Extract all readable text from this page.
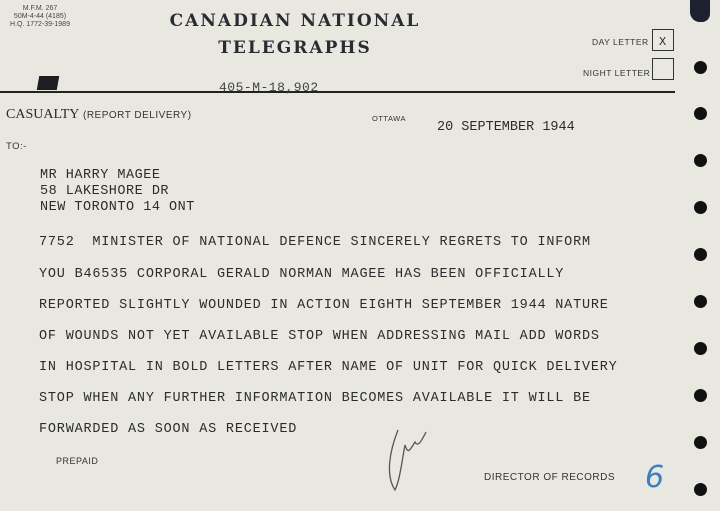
M.F.M. 267
50M-4-44 (4185)
H.Q. 1772-39-1989	CANADIAN NATIONAL
TELEGRAPHS	DAY LETTER X
NIGHT LETTER
405-M-18,902
CASUALTY (REPORT DELIVERY)	OTTAWA
20 SEPTEMBER 1944
TO:-
MR HARRY MAGEE
58 LAKESHORE DR
NEW TORONTO 14 ONT
7752  MINISTER OF NATIONAL DEFENCE SINCERELY REGRETS TO INFORM
YOU B46535 CORPORAL GERALD NORMAN MAGEE HAS BEEN OFFICIALLY
REPORTED SLIGHTLY WOUNDED IN ACTION EIGHTH SEPTEMBER 1944 NATURE
OF WOUNDS NOT YET AVAILABLE STOP WHEN ADDRESSING MAIL ADD WORDS
IN HOSPITAL IN BOLD LETTERS AFTER NAME OF UNIT FOR QUICK DELIVERY
STOP WHEN ANY FURTHER INFORMATION BECOMES AVAILABLE IT WILL BE
FORWARDED AS SOON AS RECEIVED
PREPAID
DIRECTOR OF RECORDS 6
